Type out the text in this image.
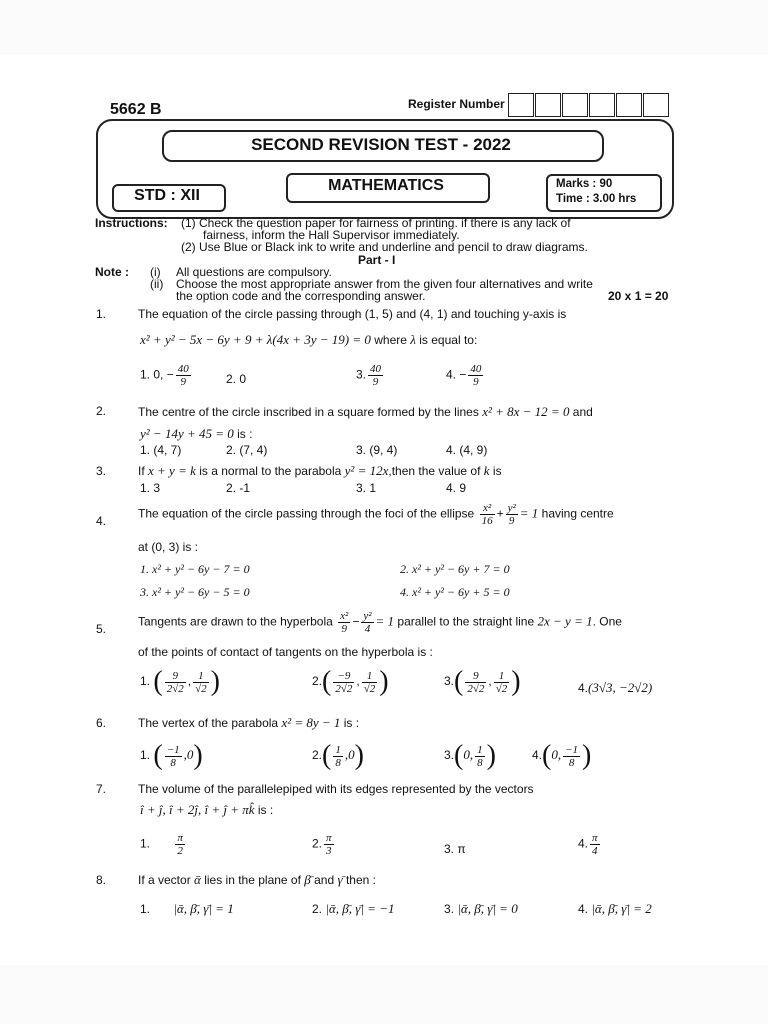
5662 B	Register Number
SECOND REVISION TEST - 2022
STD : XII
MATHEMATICS	Marks : 90
Time : 3.00 hrs
Instructions: (1) Check the question paper for fairness of printing. if there is any lack of
fairness, inform the Hall Supervisor immediately.
(2) Use Blue or Black ink to write and underline and pencil to draw diagrams.
Part - I
Note : (i) All questions are compulsory.
(ii) Choose the most appropriate answer from the given four alternatives and write
the option code and the corresponding answer.	20 x 1 = 20
1.	The equation of the circle passing through (1, 5) and (4, 1) and touching y-axis is
x² + y² − 5x − 6y + 9 + λ(4x + 3y − 19) = 0 where λ is equal to:
1. 0, − $\frac{40}{9}$	2. 0	3. $\frac{40}{9}$	4. − $\frac{40}{9}$
2.	The centre of the circle inscribed in a square formed by the lines x² + 8x − 12 = 0 and
y² − 14y + 45 = 0 is :
1. (4, 7)	2. (7, 4)	3. (9, 4)	4. (4, 9)
3.	If x + y = k is a normal to the parabola y² = 12x,then the value of k is
1. 3	2. -1	3. 1	4. 9
4.
The equation of the circle passing through the foci of the ellipse $\frac{\text{x²}}{16} + \frac{\text{y²}}{9} = 1$ having centre
at (0, 3) is :
1. x² + y² − 6y − 7 = 0	2. x² + y² − 6y + 7 = 0
3. x² + y² − 6y − 5 = 0	4. x² + y² − 6y + 5 = 0
5.
Tangents are drawn to the hyperbola $\frac{\text{x²}}{9} - \frac{\text{y²}}{4} = 1$ parallel to the straight line 2x − y = 1. One
of the points of contact of tangents on the hyperbola is :
1. ( $\frac{9}{2√2}$ , $\frac{1}{√2}$ )	$2.( \frac{-9}{2√2}$ , $\frac{1}{√2}$ )	$3.( \frac{9}{2√2}$ , $\frac{1}{√2}$ )	4.(3√3, −2√2)
6.	The vertex of the parabola x² = 8y − 1 is :
1. ( $\frac{-1}{8} ,0$)	$2.( \frac{1}{8} ,0)$	3.(0, $\frac{1}{8}$ )	4.(0, $\frac{-1}{8}$ )
7.	The volume of the parallelepiped with its edges represented by the vectors
î + ĵ, î + 2ĵ, î + ĵ + πk̂ is :
1. $\frac{\pi}{2}$	2. $\frac{\pi}{3}$	3. π	4. $\frac{\pi}{4}$
8.	If a vector ᾱ lies in the plane of β̄ and γ̄ then :
1. |ᾱ, β̄, γ̄| = 1	2. |ᾱ, β̄, γ̄| = −1	3. |ᾱ, β̄, γ̄| = 0	4. |ᾱ, β̄, γ̄| = 2
